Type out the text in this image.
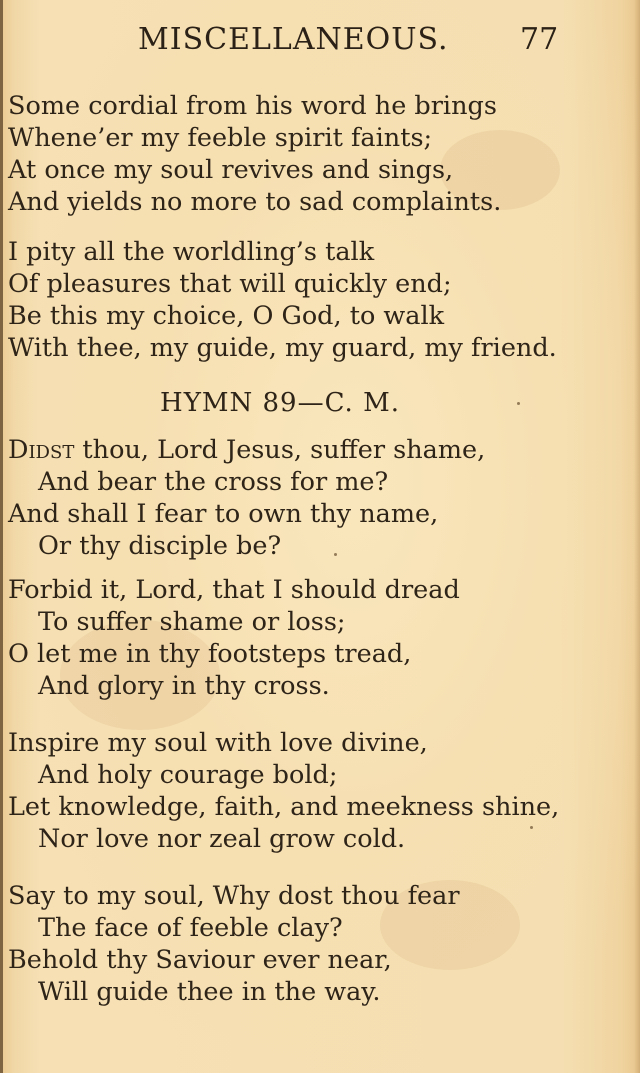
MISCELLANEOUS. 77
Some cordial from his word he brings
Whene’er my feeble spirit faints;
At once my soul revives and sings,
And yields no more to sad complaints.
I pity all the worldling’s talk
Of pleasures that will quickly end;
Be this my choice, O God, to walk
With thee, my guide, my guard, my friend.
HYMN 89—C. M.
Didst thou, Lord Jesus, suffer shame,
And bear the cross for me?
And shall I fear to own thy name,
Or thy disciple be?
Forbid it, Lord, that I should dread
To suffer shame or loss;
O let me in thy footsteps tread,
And glory in thy cross.
Inspire my soul with love divine,
And holy courage bold;
Let knowledge, faith, and meekness shine,
Nor love nor zeal grow cold.
Say to my soul, Why dost thou fear
The face of feeble clay?
Behold thy Saviour ever near,
Will guide thee in the way.
